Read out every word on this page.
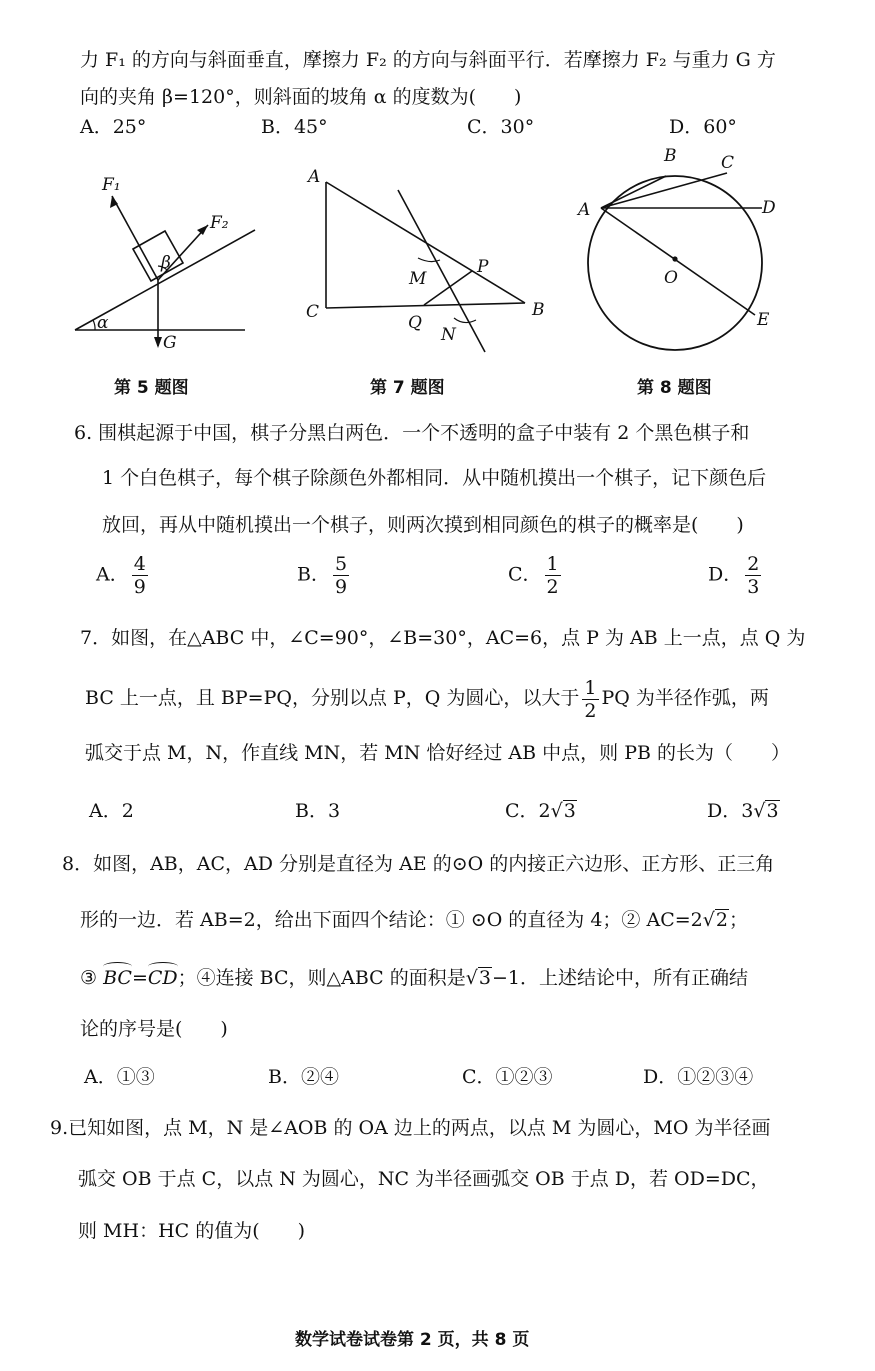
力 F₁ 的方向与斜面垂直，摩擦力 F₂ 的方向与斜面平行．若摩擦力 F₂ 与重力 G 方
向的夹角 β=120°，则斜面的坡角 α 的度数为(　　)
A．25°	B．45°	C．30°	D．60°
F₁
F₂
β
α
G
A
C	B
M
P
Q
N
A
B	C
D
O
E
第 5 题图	第 7 题图	第 8 题图
6. 围棋起源于中国，棋子分黑白两色．一个不透明的盒子中装有 2 个黑色棋子和
1 个白色棋子，每个棋子除颜色外都相同．从中随机摸出一个棋子，记下颜色后
放回，再从中随机摸出一个棋子，则两次摸到相同颜色的棋子的概率是(　　)
A． $\frac{4}{9}$	B． $\frac{5}{9}$	C． $\frac{1}{2}$	D． $\frac{2}{3}$
7．如图，在△ABC 中，∠C=90°，∠B=30°，AC=6，点 P 为 AB 上一点，点 Q 为
BC 上一点，且 BP=PQ，分别以点 P，Q 为圆心，以大于 $\frac{1}{2}$ PQ 为半径作弧，两
弧交于点 M，N，作直线 MN，若 MN 恰好经过 AB 中点，则 PB 的长为（　　）
A．2	B．3	C．2√3	D．3√3
8．如图，AB，AC，AD 分别是直径为 AE 的⊙O 的内接正六边形、正方形、正三角
形的一边．若 AB=2，给出下面四个结论：① ⊙O 的直径为 4；② AC=2√2；
③ BC=CD；④连接 BC，则△ABC 的面积是√3−1．上述结论中，所有正确结
论的序号是(　　)
A．①③	B．②④	C．①②③	D．①②③④
9.已知如图，点 M，N 是∠AOB 的 OA 边上的两点，以点 M 为圆心，MO 为半径画
弧交 OB 于点 C，以点 N 为圆心，NC 为半径画弧交 OB 于点 D，若 OD=DC，
则 MH：HC 的值为(　　)
数学试卷试卷第 2 页，共 8 页
